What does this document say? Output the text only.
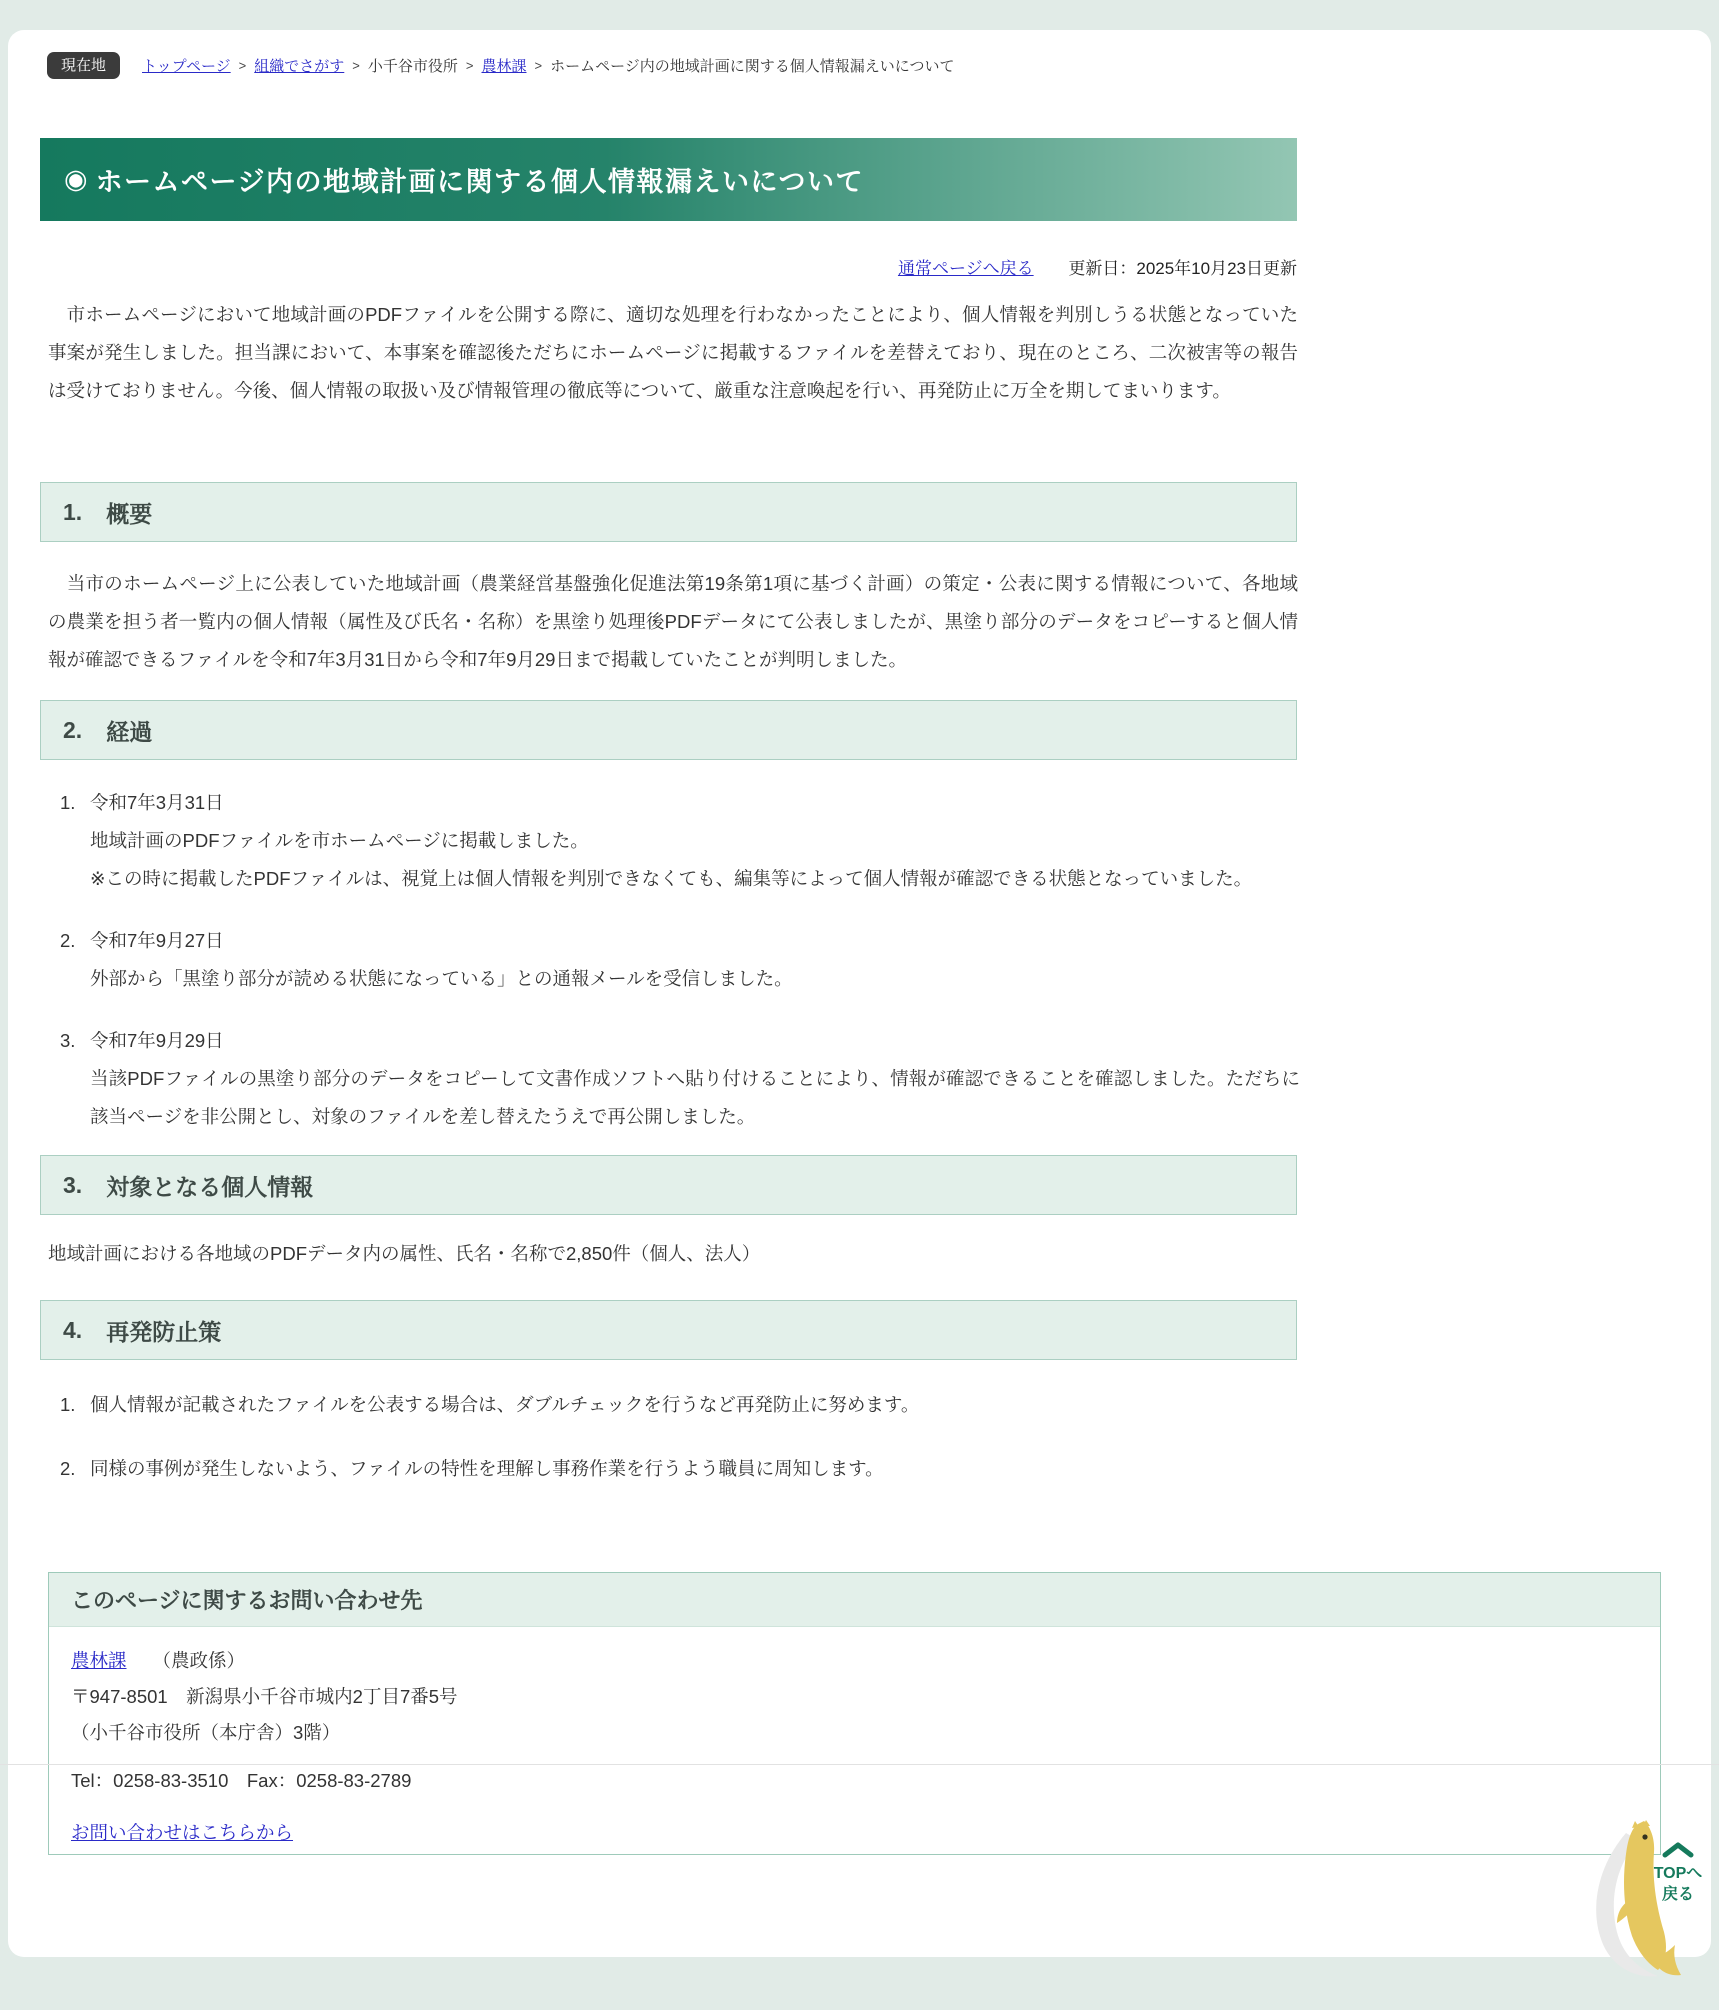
現在地	トップページ > 組織でさがす > 小千谷市役所 > 農林課 > ホームページ内の地域計画に関する個人情報漏えいについて
◉ ホームページ内の地域計画に関する個人情報漏えいについて
通常ページへ戻る 更新日：2025年10月23日更新

　市ホームページにおいて地域計画のPDFファイルを公開する際に、適切な処理を行わなかったことにより、個人情報を判別しうる状態となっていた事案が発生しました。担当課において、本事案を確認後ただちにホームページに掲載するファイルを差替えており、現在のところ、二次被害等の報告は受けておりません。今後、個人情報の取扱い及び情報管理の徹底等について、厳重な注意喚起を行い、再発防止に万全を期してまいります。

1. 概要

　当市のホームページ上に公表していた地域計画（農業経営基盤強化促進法第19条第1項に基づく計画）の策定・公表に関する情報について、各地域の農業を担う者一覧内の個人情報（属性及び氏名・名称）を黒塗り処理後PDFデータにて公表しましたが、黒塗り部分のデータをコピーすると個人情報が確認できるファイルを令和7年3月31日から令和7年9月29日まで掲載していたことが判明しました。

2. 経過
1. 令和7年3月31日
地域計画のPDFファイルを市ホームページに掲載しました。
※この時に掲載したPDFファイルは、視覚上は個人情報を判別できなくても、編集等によって個人情報が確認できる状態となっていました。
2. 令和7年9月27日
外部から「黒塗り部分が読める状態になっている」との通報メールを受信しました。
3. 令和7年9月29日
当該PDFファイルの黒塗り部分のデータをコピーして文書作成ソフトへ貼り付けることにより、情報が確認できることを確認しました。ただちに該当ページを非公開とし、対象のファイルを差し替えたうえで再公開しました。
3. 対象となる個人情報

地域計画における各地域のPDFデータ内の属性、氏名・名称で2,850件（個人、法人）

4. 再発防止策
1. 個人情報が記載されたファイルを公表する場合は、ダブルチェックを行うなど再発防止に努めます。
2. 同様の事例が発生しないよう、ファイルの特性を理解し事務作業を行うよう職員に周知します。
このページに関するお問い合わせ先
農林課 （農政係）
〒947-8501　新潟県小千谷市城内2丁目7番5号
（小千谷市役所（本庁舎）3階）
Tel：0258-83-3510　Fax：0258-83-2789
お問い合わせはこちらから
TOPへ
戻る
